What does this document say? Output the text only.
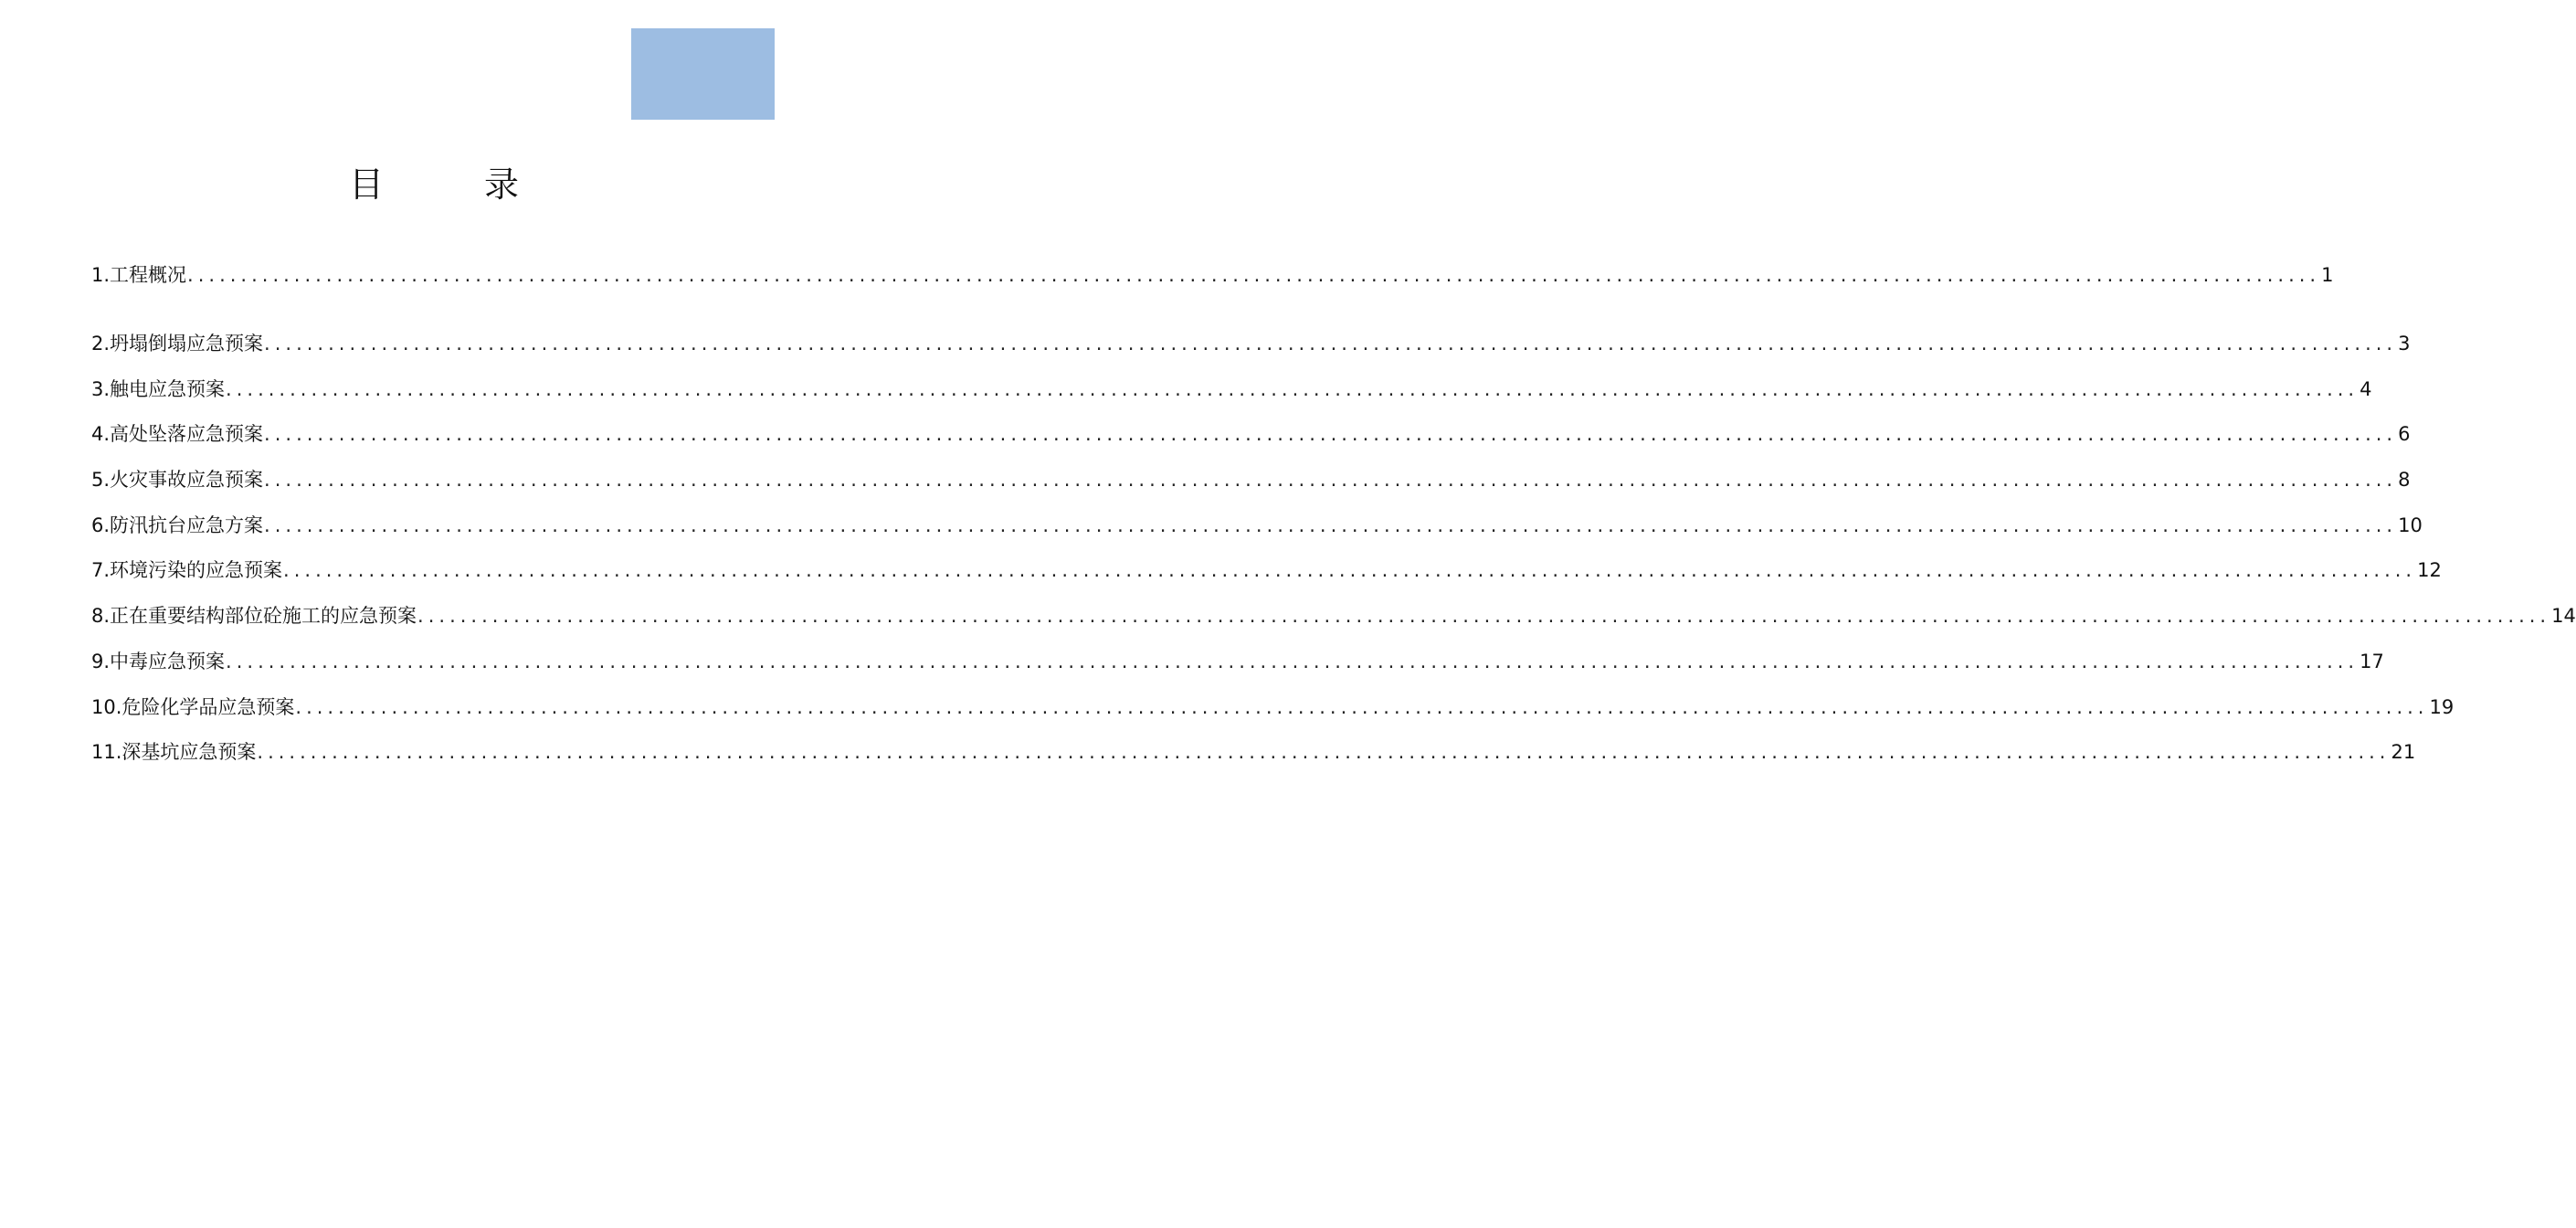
目　录
1.工程概况 ........................................................................................................................................................................................................ 1
2.坍塌倒塌应急预案 ........................................................................................................................................................................................................ 3
3.触电应急预案 ........................................................................................................................................................................................................ 4
4.高处坠落应急预案 ........................................................................................................................................................................................................ 6
5.火灾事故应急预案 ........................................................................................................................................................................................................ 8
6.防汛抗台应急方案 ........................................................................................................................................................................................................ 10
7.环境污染的应急预案 ........................................................................................................................................................................................................ 12
8.正在重要结构部位砼施工的应急预案 ........................................................................................................................................................................................................ 14
9.中毒应急预案 ........................................................................................................................................................................................................ 17
10.危险化学品应急预案 ........................................................................................................................................................................................................ 19
11.深基坑应急预案 ........................................................................................................................................................................................................ 21
